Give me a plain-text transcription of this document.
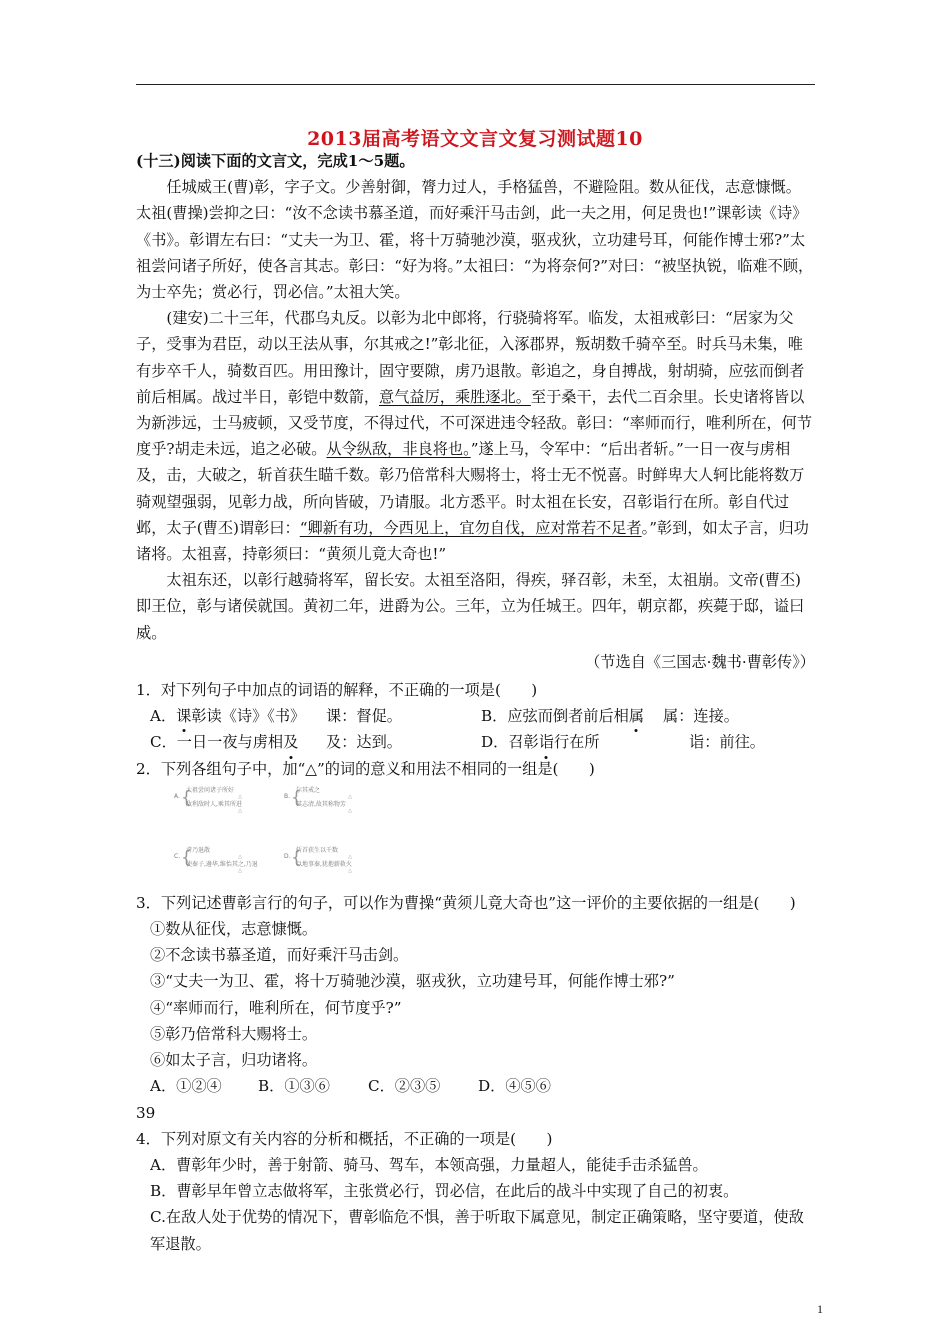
2013届高考语文文言文复习测试题10

(十三)阅读下面的文言文，完成1～5题。

任城威王(曹)彰，字子文。少善射御，膂力过人，手格猛兽，不避险阻。数从征伐，志意慷慨。太祖(曹操)尝抑之曰：“汝不念读书慕圣道，而好乘汗马击剑，此一夫之用，何足贵也!”课彰读《诗》《书》。彰谓左右曰：“丈夫一为卫、霍，将十万骑驰沙漠，驱戎狄，立功建号耳，何能作博士邪?”太祖尝问诸子所好，使各言其志。彰曰：“好为将。”太祖曰：“为将奈何?”对曰：“被坚执锐，临难不顾，为士卒先；赏必行，罚必信。”太祖大笑。

(建安)二十三年，代郡乌丸反。以彰为北中郎将，行骁骑将军。临发，太祖戒彰曰：“居家为父子，受事为君臣，动以王法从事，尔其戒之!”彰北征，入涿郡界，叛胡数千骑卒至。时兵马未集，唯有步卒千人，骑数百匹。用田豫计，固守要隙，虏乃退散。彰追之，身自搏战，射胡骑，应弦而倒者前后相属。战过半日，彰铠中数箭，意气益厉，乘胜逐北。至于桑干，去代二百余里。长史诸将皆以为新涉远，士马疲顿，又受节度，不得过代，不可深进违令轻敌。彰曰：“率师而行，唯利所在，何节度乎?胡走未远，追之必破。从令纵敌，非良将也。”遂上马，令军中：“后出者斩。”一日一夜与虏相及，击，大破之，斩首获生瞄千数。彰乃倍常科大赐将士，将士无不悦喜。时鲜卑大人轲比能将数万骑观望强弱，见彰力战，所向皆破，乃请服。北方悉平。时太祖在长安，召彰诣行在所。彰自代过邺，太子(曹丕)谓彰曰：“卿新有功，今西见上，宜勿自伐，应对常若不足者。”彰到，如太子言，归功诸将。太祖喜，持彰须曰：“黄须儿竟大奇也!”

太祖东还，以彰行越骑将军，留长安。太祖至洛阳，得疾，驿召彰，未至，太祖崩。文帝(曹丕)即王位，彰与诸侯就国。黄初二年，进爵为公。三年，立为任城王。四年，朝京都，疾薨于邸，谥曰威。

（节选自《三国志·魏书·曹彰传》）

1．对下列句子中加点的词语的解释，不正确的一项是(　　)

A．课彰读《诗》《书》	课：督促。	B．应弦而倒者前后相属	属：连接。
C．一日一夜与虏相及	及：达到。	D．召彰诣行在所	诣：前往。

2．下列各组句子中，加“△”的词的意义和用法不相同的一组是(　　)

A. {
太祖尝问诸子所好
△
敌利敌时人,乘其所进
△
B. {
尔其戒之
△
其志清,故其称物芳
△
C. {
虏乃退散
△
使秦子,邊华,维怡其之,乃退
△
D. {
斩首获生以千数
△
以地事秦,犹抱薪救火
△

3．下列记述曹彰言行的句子，可以作为曹操“黄须儿竟大奇也”这一评价的主要依据的一组是(　　)

①数从征伐，志意慷慨。

②不念读书慕圣道，而好乘汗马击剑。

③“丈夫一为卫、霍，将十万骑驰沙漠，驱戎狄，立功建号耳，何能作博士邪?”

④“率师而行，唯利所在，何节度乎?”

⑤彰乃倍常科大赐将士。

⑥如太子言，归功诸将。

A．①②④	B．①③⑥	C．②③⑤	D．④⑤⑥

39

4．下列对原文有关内容的分析和概括，不正确的一项是(　　)

A．曹彰年少时，善于射箭、骑马、驾车，本领高强，力量超人，能徒手击杀猛兽。

B．曹彰早年曾立志做将军，主张赏必行，罚必信，在此后的战斗中实现了自己的初衷。

C.在敌人处于优势的情况下，曹彰临危不惧，善于听取下属意见，制定正确策略，坚守要道，使敌军退散。

1
